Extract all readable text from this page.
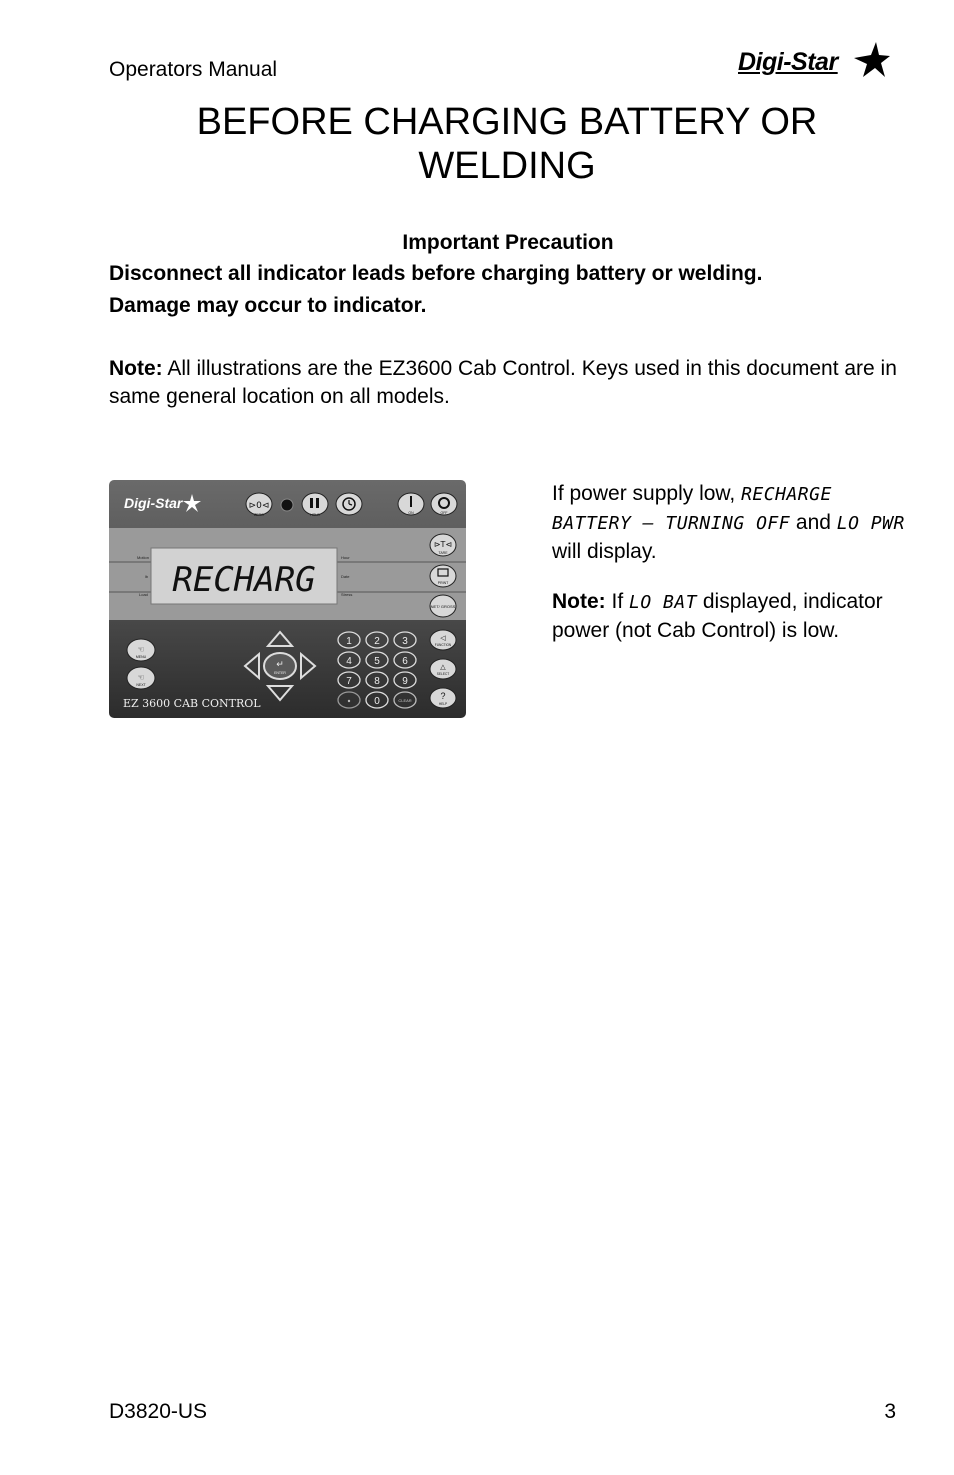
Operators Manual	Digi-Star
BEFORE CHARGING BATTERY OR
WELDING
Important Precaution
Disconnect all indicator leads before charging battery or welding.
Damage may occur to indicator.
Note: All illustrations are the EZ3600 Cab Control. Keys used in this document are in same general location on all models.
RECHARG
Motion
lb
Load
Hour
Date
Stress
Digi-Star	⊳0⊲
ZERO	HOLD	ON	OFF
⊳T⊲
TARE
PRINT
NET/ GROSS
☜
MENU
☜
NEXT
↵
ENTER
1 2 3
4 5 6
7 8 9
0	CLEAR
◁
FUNCTION
△
SELECT
?
HELP
EZ 3600 CAB CONTROL
If power supply low, RECHARGE BATTERY – TURNING OFF and LO PWR will display.
Note: If LO BAT displayed, indicator power (not Cab Control) is low.
D3820-US	3
